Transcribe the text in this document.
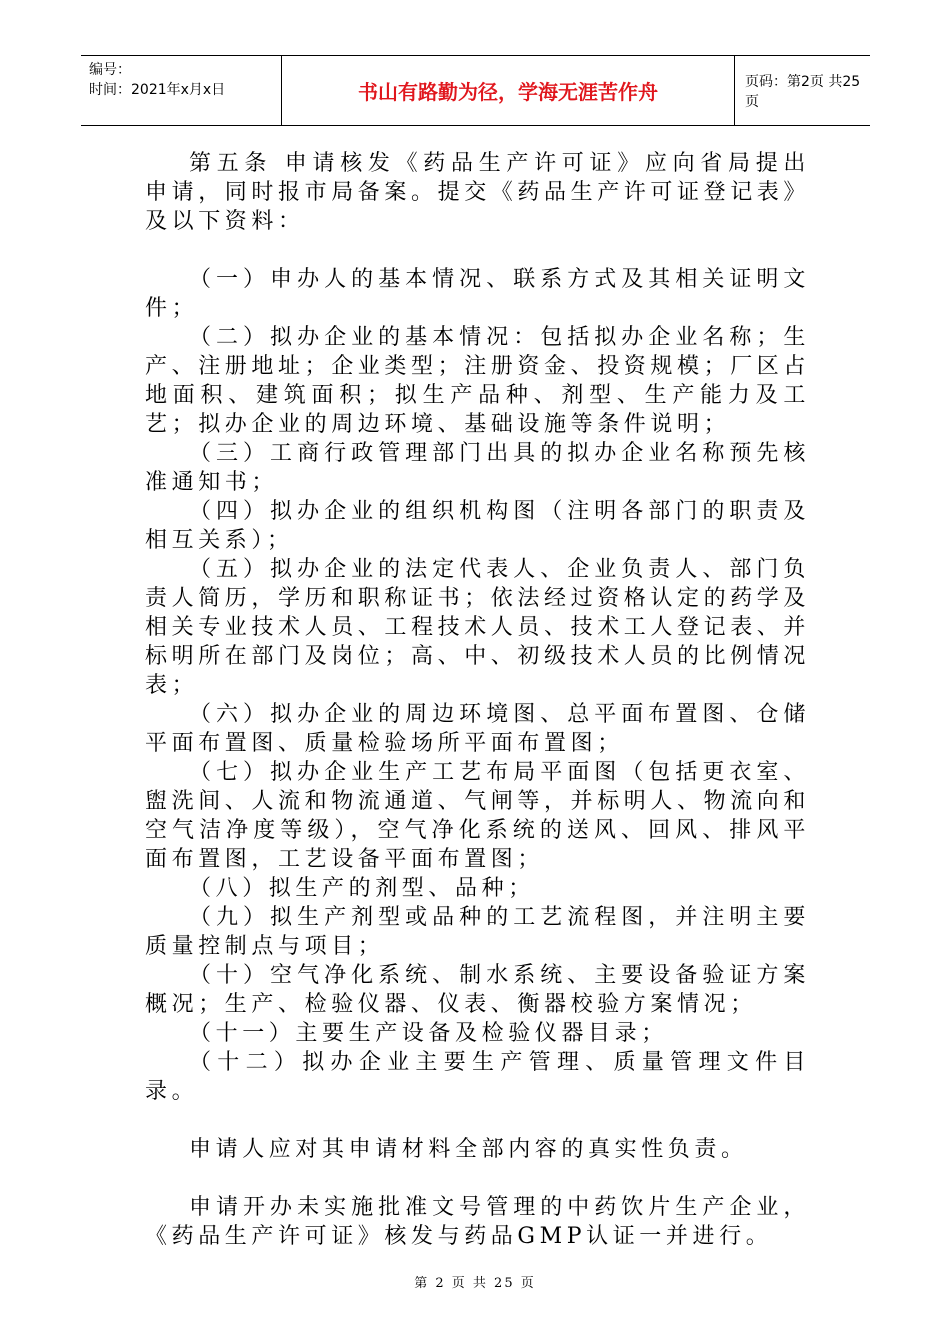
编号：
时间：2021年x月x日	书山有路勤为径，学海无涯苦作舟	页码：第2页 共25页

第五条 申请核发《药品生产许可证》应向省局提出申请，同时报市局备案。提交《药品生产许可证登记表》及以下资料：

（一）申办人的基本情况、联系方式及其相关证明文件；

（二）拟办企业的基本情况：包括拟办企业名称；生产、注册地址；企业类型；注册资金、投资规模；厂区占地面积、建筑面积；拟生产品种、剂型、生产能力及工艺；拟办企业的周边环境、基础设施等条件说明；

（三）工商行政管理部门出具的拟办企业名称预先核准通知书；

（四）拟办企业的组织机构图（注明各部门的职责及相互关系）；

（五）拟办企业的法定代表人、企业负责人、部门负责人简历，学历和职称证书；依法经过资格认定的药学及相关专业技术人员、工程技术人员、技术工人登记表、并标明所在部门及岗位；高、中、初级技术人员的比例情况表；

（六）拟办企业的周边环境图、总平面布置图、仓储平面布置图、质量检验场所平面布置图；

（七）拟办企业生产工艺布局平面图（包括更衣室、盥洗间、人流和物流通道、气闸等，并标明人、物流向和空气洁净度等级），空气净化系统的送风、回风、排风平面布置图，工艺设备平面布置图；

（八）拟生产的剂型、品种；

（九）拟生产剂型或品种的工艺流程图，并注明主要质量控制点与项目；

（十）空气净化系统、制水系统、主要设备验证方案概况；生产、检验仪器、仪表、衡器校验方案情况；

（十一）主要生产设备及检验仪器目录；

（十二）拟办企业主要生产管理、质量管理文件目录。

申请人应对其申请材料全部内容的真实性负责。

申请开办未实施批准文号管理的中药饮片生产企业，《药品生产许可证》核发与药品GMP认证一并进行。

第 2 页 共 25 页
